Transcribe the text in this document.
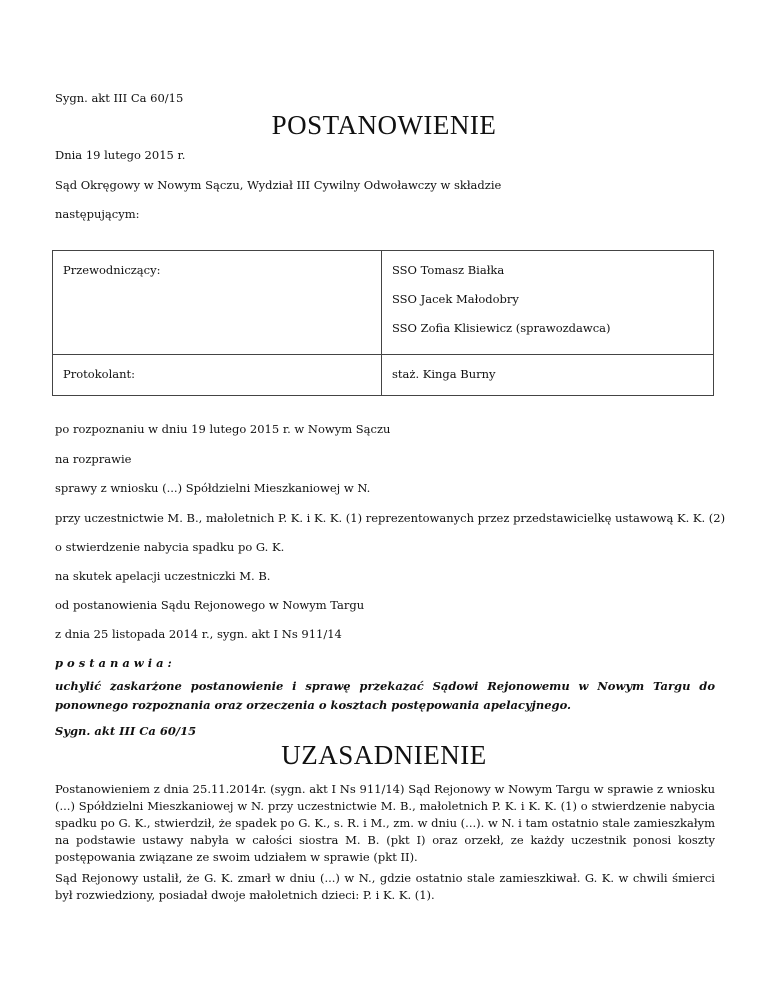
Sygn. akt III Ca 60/15
POSTANOWIENIE
Dnia 19 lutego 2015 r.
Sąd Okręgowy w Nowym Sączu, Wydział III Cywilny Odwoławczy w składzie
następującym:
Przewodniczący:	SSO Tomasz Białka
SSO Jacek Małodobry
SSO Zofia Klisiewicz (sprawozdawca)

Protokolant:	staż. Kinga Burny
po rozpoznaniu w dniu 19 lutego 2015 r. w Nowym Sączu
na rozprawie
sprawy z wniosku (...) Spółdzielni Mieszkaniowej w N.
przy uczestnictwie M. B., małoletnich P. K. i K. K. (1) reprezentowanych przez przedstawicielkę ustawową K. K. (2)
o stwierdzenie nabycia spadku po G. K.
na skutek apelacji uczestniczki M. B.
od postanowienia Sądu Rejonowego w Nowym Targu
z dnia 25 listopada 2014 r., sygn. akt I Ns 911/14
p o s t a n a w i a :
uchylić zaskarżone postanowienie i sprawę przekazać Sądowi Rejonowemu w Nowym Targu do ponownego rozpoznania oraz orzeczenia o kosztach postępowania apelacyjnego.
Sygn. akt III Ca 60/15
UZASADNIENIE
Postanowieniem z dnia 25.11.2014r. (sygn. akt I Ns 911/14) Sąd Rejonowy w Nowym Targu w sprawie z wniosku (...) Spółdzielni Mieszkaniowej w N. przy uczestnictwie M. B., małoletnich P. K. i K. K. (1) o stwierdzenie nabycia spadku po G. K., stwierdził, że spadek po G. K., s. R. i M., zm. w dniu (...). w N. i tam ostatnio stale zamieszkałym na podstawie ustawy nabyła w całości siostra M. B. (pkt I) oraz orzekł, ze każdy uczestnik ponosi koszty postępowania związane ze swoim udziałem w sprawie (pkt II).
Sąd Rejonowy ustalił, że G. K. zmarł w dniu (...) w N., gdzie ostatnio stale zamieszkiwał. G. K. w chwili śmierci był rozwiedziony, posiadał dwoje małoletnich dzieci: P. i K. K. (1).
